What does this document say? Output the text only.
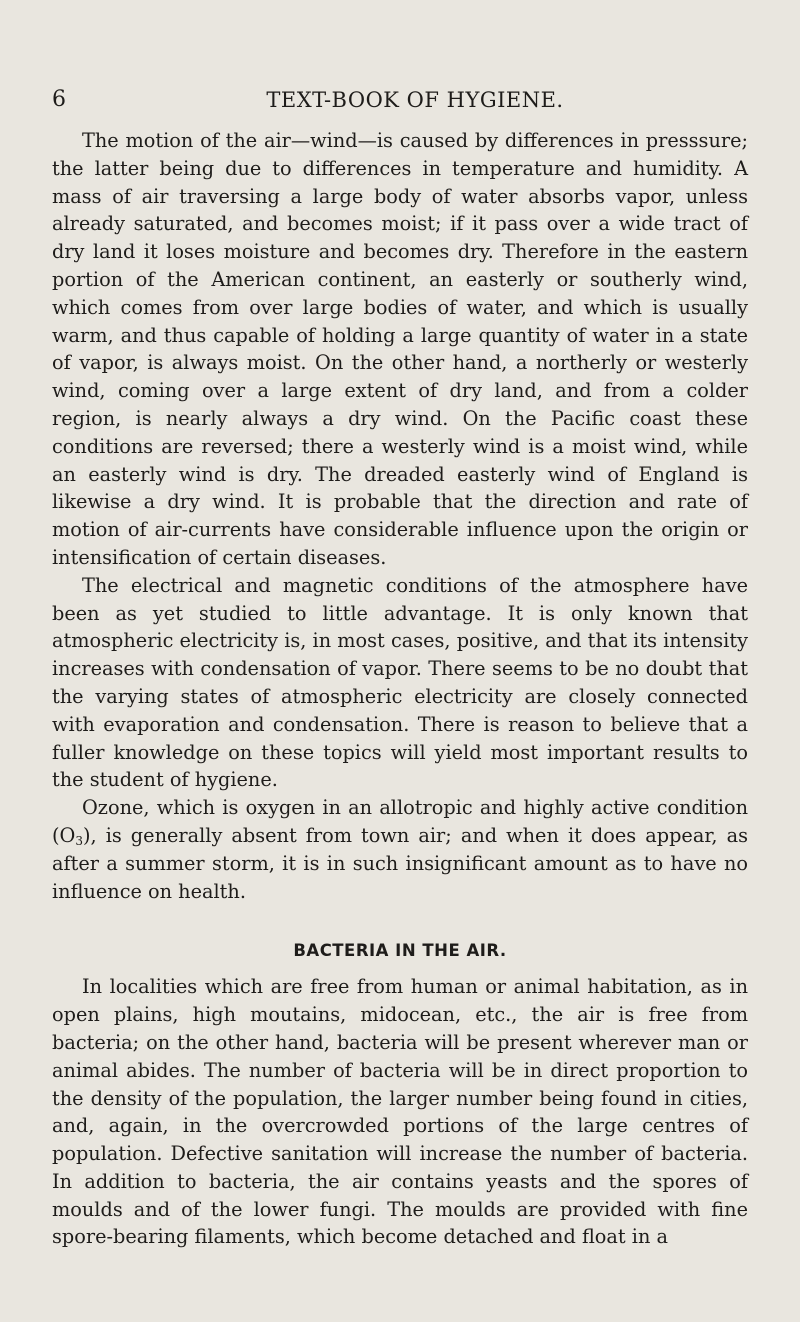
6	TEXT-BOOK OF HYGIENE.

The motion of the air—wind—is caused by differences in presssure; the latter being due to differences in temperature and humidity. A mass of air traversing a large body of water absorbs vapor, unless already saturated, and becomes moist; if it pass over a wide tract of dry land it loses moisture and becomes dry. Therefore in the eastern portion of the American continent, an easterly or southerly wind, which comes from over large bodies of water, and which is usually warm, and thus capable of holding a large quantity of water in a state of vapor, is always moist. On the other hand, a northerly or westerly wind, coming over a large extent of dry land, and from a colder region, is nearly always a dry wind. On the Pacific coast these conditions are reversed; there a westerly wind is a moist wind, while an easterly wind is dry. The dreaded easterly wind of England is likewise a dry wind. It is probable that the direction and rate of motion of air-currents have considerable influence upon the origin or intensification of certain diseases.

The electrical and magnetic conditions of the atmosphere have been as yet studied to little advantage. It is only known that atmospheric electricity is, in most cases, positive, and that its intensity increases with condensation of vapor. There seems to be no doubt that the varying states of atmospheric electricity are closely connected with evaporation and condensation. There is reason to believe that a fuller knowledge on these topics will yield most important results to the student of hygiene.

Ozone, which is oxygen in an allotropic and highly active condition $(O_3)$, is generally absent from town air; and when it does appear, as after a summer storm, it is in such insignificant amount as to have no influence on health.

BACTERIA IN THE AIR.

In localities which are free from human or animal habitation, as in open plains, high moutains, midocean, etc., the air is free from bacteria; on the other hand, bacteria will be present wherever man or animal abides. The number of bacteria will be in direct proportion to the density of the population, the larger number being found in cities, and, again, in the overcrowded portions of the large centres of population. Defective sanitation will increase the number of bacteria. In addition to bacteria, the air contains yeasts and the spores of moulds and of the lower fungi. The moulds are provided with fine spore-bearing filaments, which become detached and float in a
